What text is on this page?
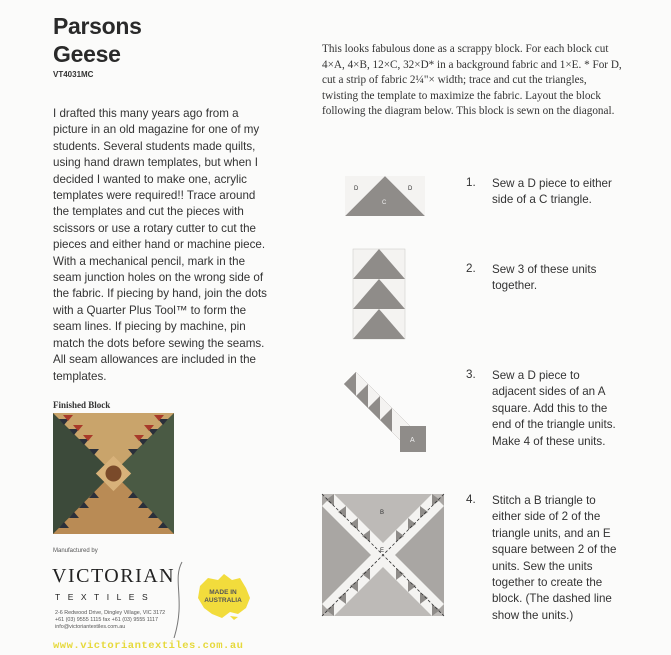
Parsons
Geese
VT4031MC

I drafted this many years ago from a picture in an old magazine for one of my students. Several students made quilts, using hand drawn templates, but when I decided I wanted to make one, acrylic templates were required!! Trace around the templates and cut the pieces with scissors or use a rotary cutter to cut the pieces and either hand or machine piece. With a mechanical pencil, mark in the seam junction holes on the wrong side of the fabric. If piecing by hand, join the dots with a Quarter Plus Tool™ to form the seam lines. If piecing by machine, pin match the dots before sewing the seams. All seam allowances are included in the templates.

This looks fabulous done as a scrappy block. For each block cut 4×A, 4×B, 12×C, 32×D* in a background fabric and 1×E. * For D, cut a strip of fabric 2¼"× width; trace and cut the triangles, twisting the template to maximize the fabric. Layout the block following the diagram below. This block is sewn on the diagonal.

Finished Block
Manufactured by
VICTORIAN
TEXTILES
2-6 Redwood Drive, Dingley Village, VIC 3172
+61 (03) 9555 1115 fax +61 (03) 9555 1117
info@victoriantextiles.com.au
www.victoriantextiles.com.au
MADE IN
AUSTRALIA
D	D
C
A
B
E
1. Sew a D piece to either side of a C triangle.
2. Sew 3 of these units together.
3. Sew a D piece to adjacent sides of an A square. Add this to the end of the triangle units. Make 4 of these units.
4. Stitch a B triangle to either side of 2 of the triangle units, and an E square between 2 of the units. Sew the units together to create the block. (The dashed line show the units.)
